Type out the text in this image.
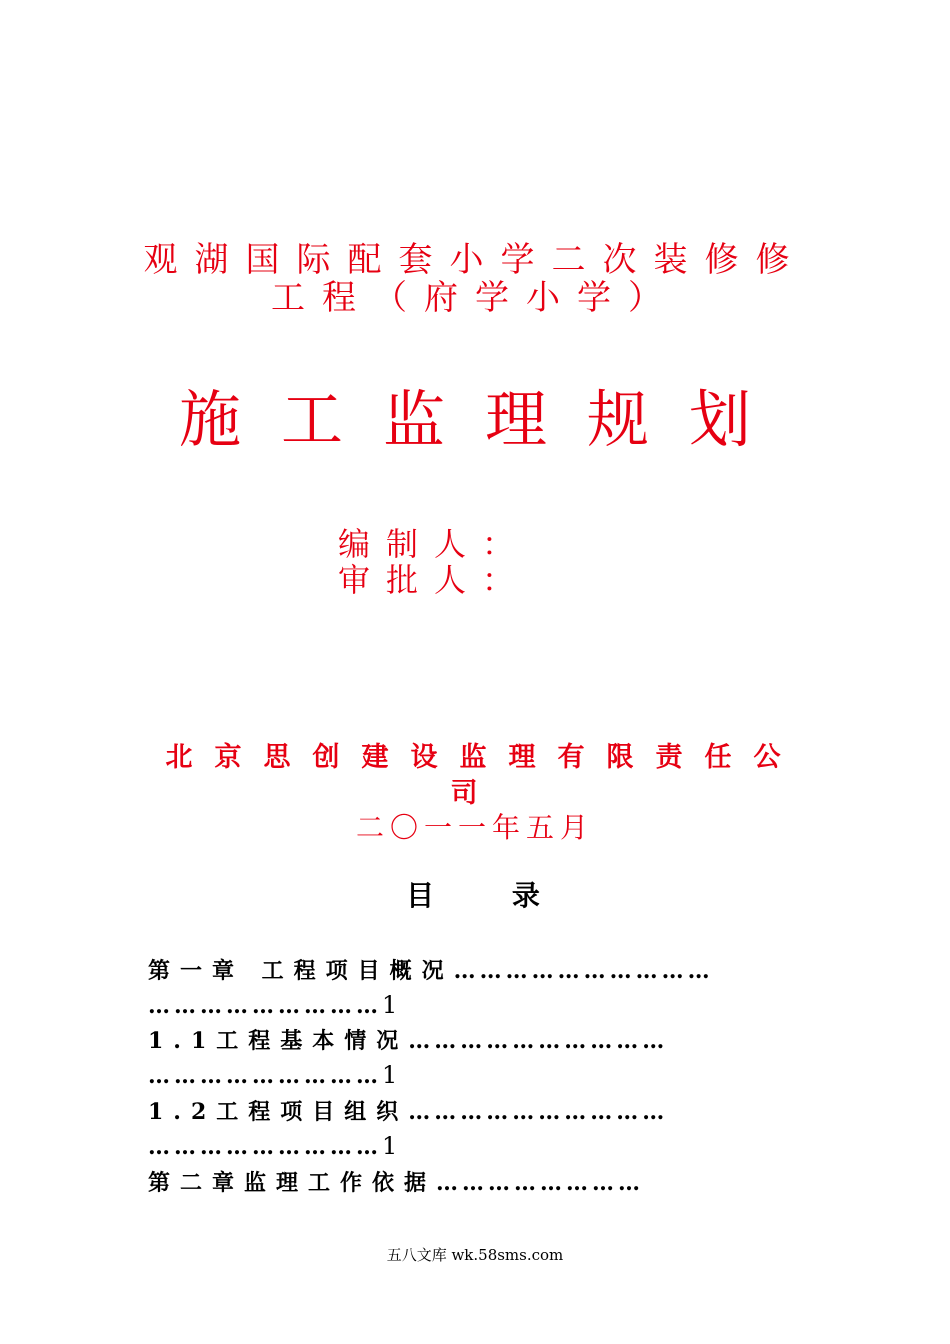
观湖国际配套小学二次装修修
工程（府学小学）
施工监理规划
编制人：
审批人：
北京思创建设监理有限责任公
司
二〇一一年五月
目 录
第一章 工程项目概况…………………………
………………………1
1.1工程基本情况…………………………
………………………1
1.2工程项目组织…………………………
………………………1
第二章监理工作依据……………………
五八文库 wk.58sms.com
